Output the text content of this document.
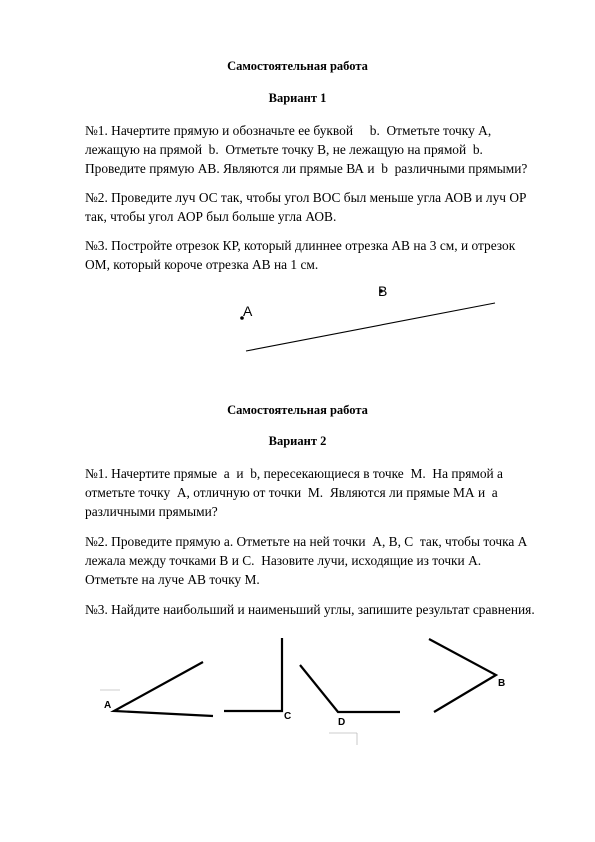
Самостоятельная работа
Вариант 1
№1. Начертите прямую и обозначьте ее буквой     b.  Отметьте точку А,
лежащую на прямой  b.  Отметьте точку В, не лежащую на прямой  b.
Проведите прямую АВ. Являются ли прямые ВА и  b  различными прямыми?
№2. Проведите луч ОС так, чтобы угол ВОС был меньше угла АОВ и луч ОР
так, чтобы угол АОР был больше угла АОВ.
№3. Постройте отрезок КР, который длиннее отрезка АВ на 3 см, и отрезок
ОМ, который короче отрезка АВ на 1 см.
A
B
A
C
D
B
Самостоятельная работа
Вариант 2
№1. Начертите прямые  а  и  b, пересекающиеся в точке  М.  На прямой а
отметьте точку  А, отличную от точки  М.  Являются ли прямые МА и  а
различными прямыми?
№2. Проведите прямую а. Отметьте на ней точки  А, В, С  так, чтобы точка А
лежала между точками В и С.  Назовите лучи, исходящие из точки А.
Отметьте на луче АВ точку М.
№3. Найдите наибольший и наименьший углы, запишите результат сравнения.
